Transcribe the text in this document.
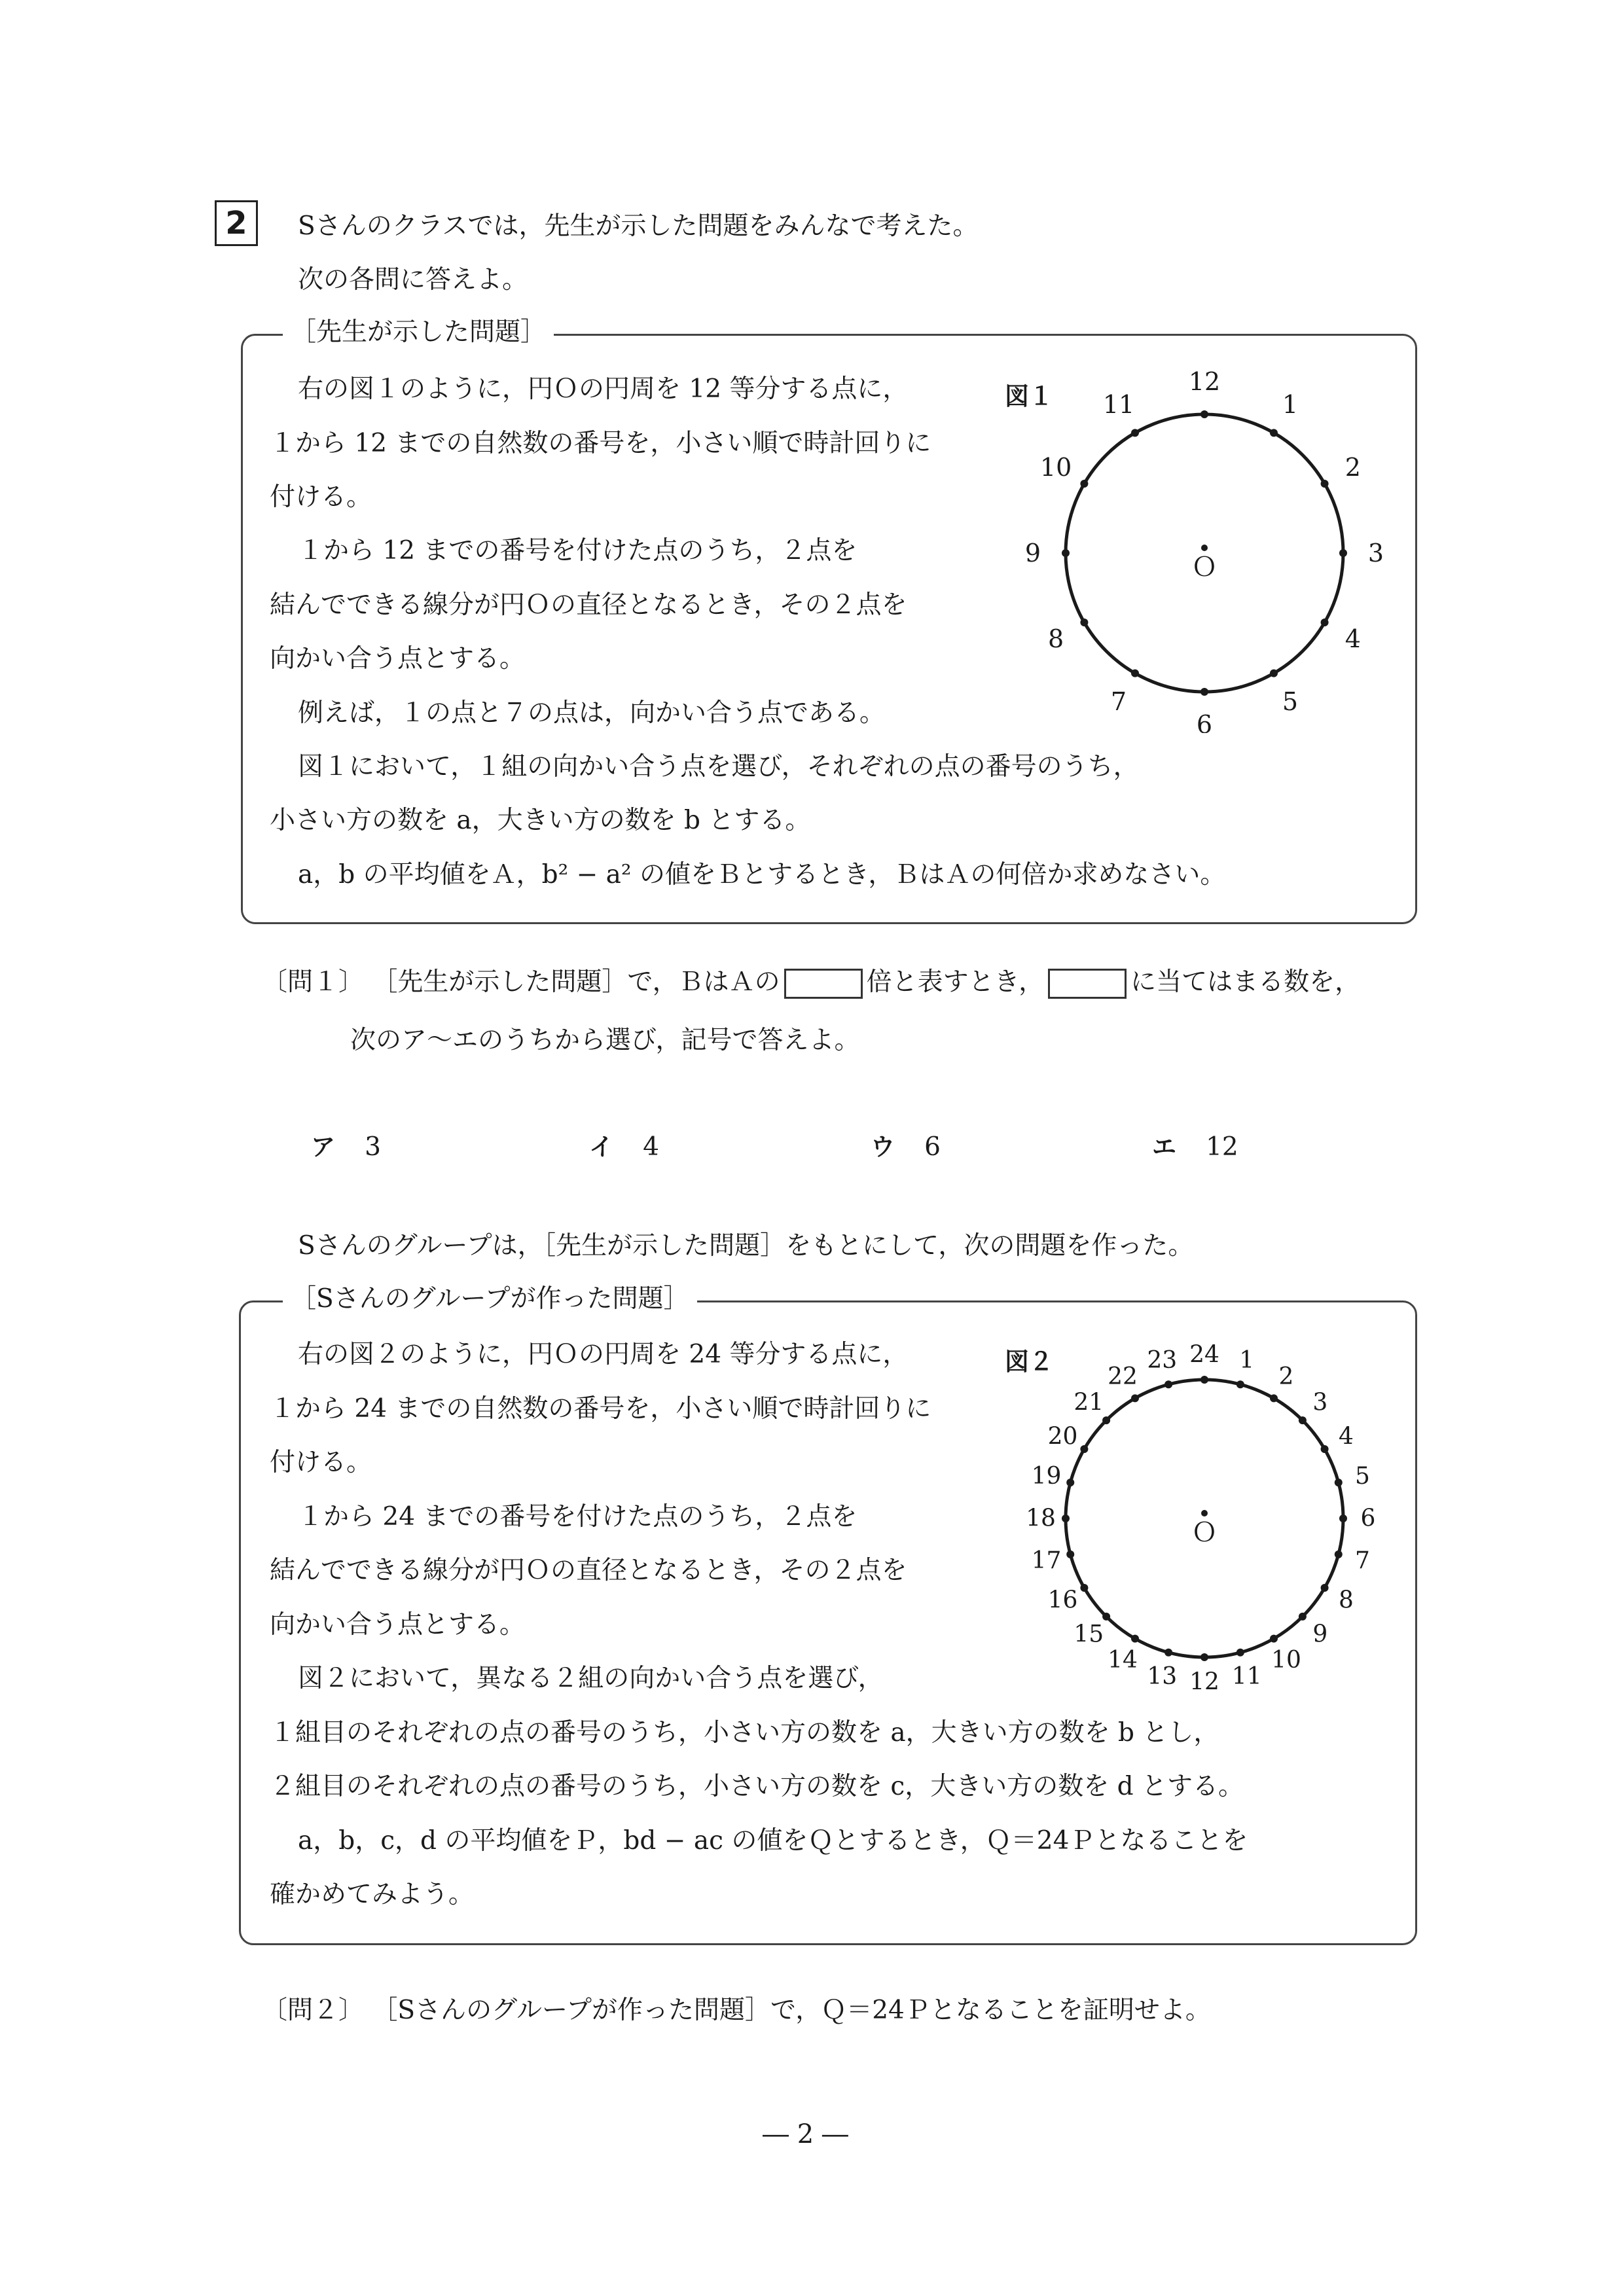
2	Sさんのクラスでは，先生が示した問題をみんなで考えた。
次の各問に答えよ。
［先生が示した問題］
右の図１のように，円Ｏの円周を 12 等分する点に，
１から 12 までの自然数の番号を，小さい順で時計回りに
付ける。
１から 12 までの番号を付けた点のうち，２点を
結んでできる線分が円Ｏの直径となるとき，その２点を
向かい合う点とする。
例えば，１の点と７の点は，向かい合う点である。
図１において，１組の向かい合う点を選び，それぞれの点の番号のうち，
小さい方の数を a，大きい方の数を b とする。
a，b の平均値をＡ，b² − a² の値をＢとするとき，ＢはＡの何倍か求めなさい。
図１
Ｏ
12
1
2
3
4
5
6
7
8
9
10
11
〔問１〕 ［先生が示した問題］で，ＢはＡの	倍と表すとき，	に当てはまる数を，
次のア〜エのうちから選び，記号で答えよ。
ア 3	イ 4	ウ 6	エ 12
Sさんのグループは，［先生が示した問題］をもとにして，次の問題を作った。
［Sさんのグループが作った問題］
右の図２のように，円Ｏの円周を 24 等分する点に，
１から 24 までの自然数の番号を，小さい順で時計回りに
付ける。
１から 24 までの番号を付けた点のうち，２点を
結んでできる線分が円Ｏの直径となるとき，その２点を
向かい合う点とする。
図２において，異なる２組の向かい合う点を選び，
１組目のそれぞれの点の番号のうち，小さい方の数を a，大きい方の数を b とし，
２組目のそれぞれの点の番号のうち，小さい方の数を c，大きい方の数を d とする。
a，b，c，d の平均値をＰ，bd − ac の値をＱとするとき，Ｑ＝24Ｐとなることを
確かめてみよう。
図２
Ｏ
24 1
2
3
4
5
6
7
8
9
10
11
12
13
14
15
16
17
18
19
20
21
22
23
〔問２〕 ［Sさんのグループが作った問題］で，Ｑ＝24Ｐとなることを証明せよ。
― 2 ―
